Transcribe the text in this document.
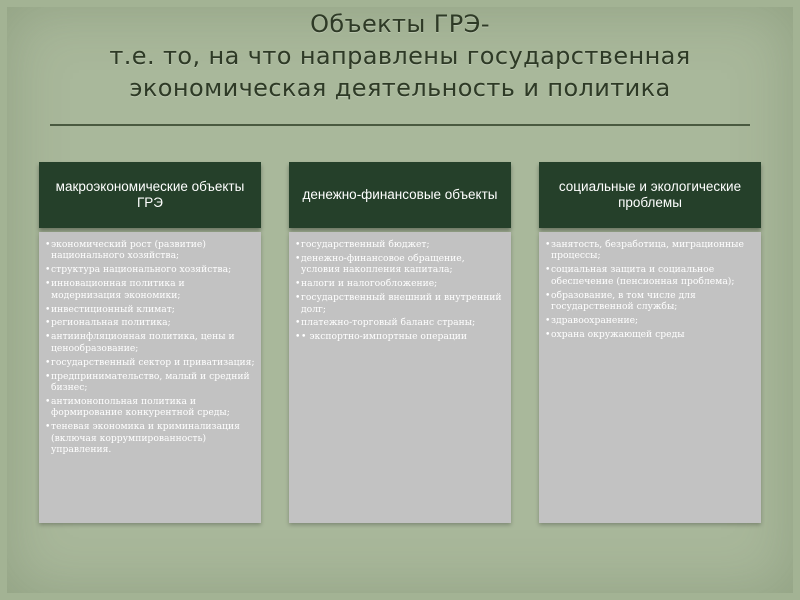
Объекты ГРЭ-
т.е. то, на что направлены государственная
экономическая деятельность и политика
макроэкономические объекты ГРЭ
• экономический рост (развитие) национального хозяйства;
• структура национального хозяйства;
• инновационная политика и модернизация экономики;
• инвестиционный климат;
• региональная политика;
• антиинфляционная политика, цены и ценообразование;
• государственный сектор и приватизация;
• предпринимательство, малый и средний бизнес;
• антимонопольная политика и формирование конкурентной среды;
• теневая экономика и криминализация (включая коррумпированность) управления.
денежно-финансовые объекты
• государственный бюджет;
• денежно-финансовое обращение, условия накопления капитала;
• налоги и налогообложение;
• государственный внешний и внутренний долг;
• платежно-торговый баланс страны;
• • экспортно-импортные операции
социальные и экологические проблемы
• занятость, безработица, миграционные процессы;
• социальная защита и социальное обеспечение (пенсионная проблема);
• образование, в том числе для государственной службы;
• здравоохранение;
• охрана окружающей среды
